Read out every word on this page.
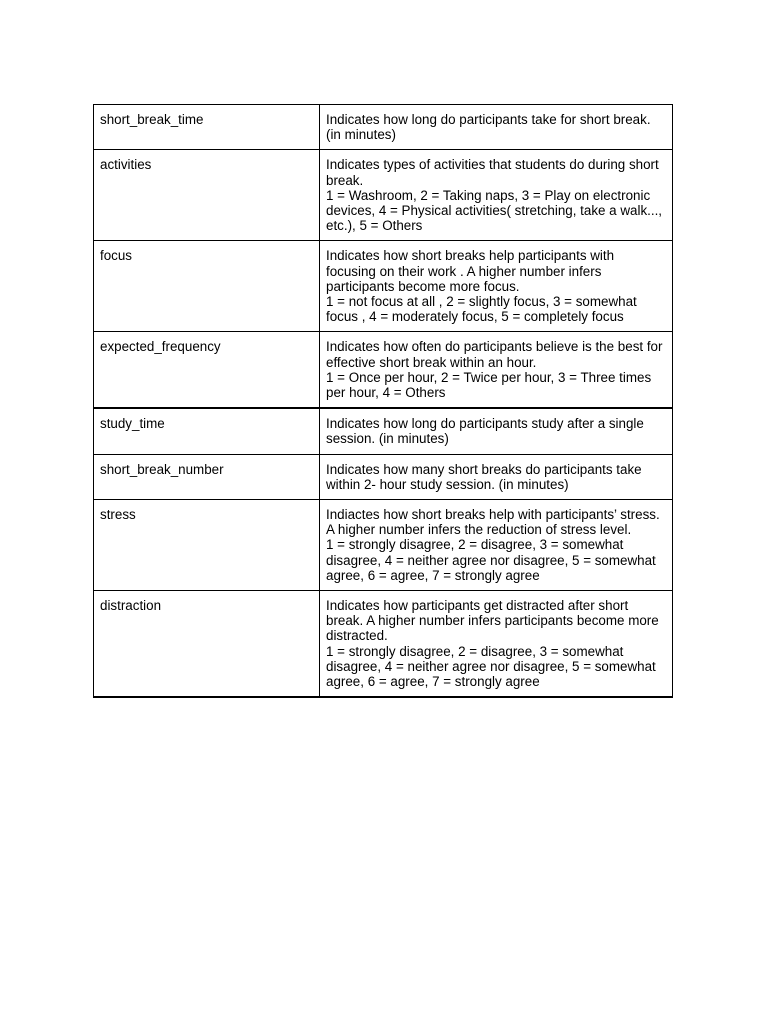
short_break_time	Indicates how long do participants take for short break. (in minutes)

activities	Indicates types of activities that students do during short break.
1 = Washroom, 2 = Taking naps, 3 = Play on electronic devices, 4 = Physical activities( stretching, take a walk..., etc.), 5 = Others

focus	Indicates how short breaks help participants with focusing on their work . A higher number infers participants become more focus.
1 = not focus at all , 2 = slightly focus, 3 = somewhat focus , 4 = moderately focus, 5 = completely focus

expected_frequency	Indicates how often do participants believe is the best for effective short break within an hour.
1 = Once per hour, 2 = Twice per hour, 3 = Three times per hour, 4 = Others

study_time	Indicates how long do participants study after a single session. (in minutes)

short_break_number	Indicates how many short breaks do participants take within 2- hour study session. (in minutes)

stress	Indiactes how short breaks help with participants’ stress. A higher number infers the reduction of stress level.
1 = strongly disagree, 2 = disagree, 3 = somewhat disagree, 4 = neither agree nor disagree, 5 = somewhat agree, 6 = agree, 7 = strongly agree

distraction	Indicates how participants get distracted after short break. A higher number infers participants become more distracted.
1 = strongly disagree, 2 = disagree, 3 = somewhat disagree, 4 = neither agree nor disagree, 5 = somewhat agree, 6 = agree, 7 = strongly agree
